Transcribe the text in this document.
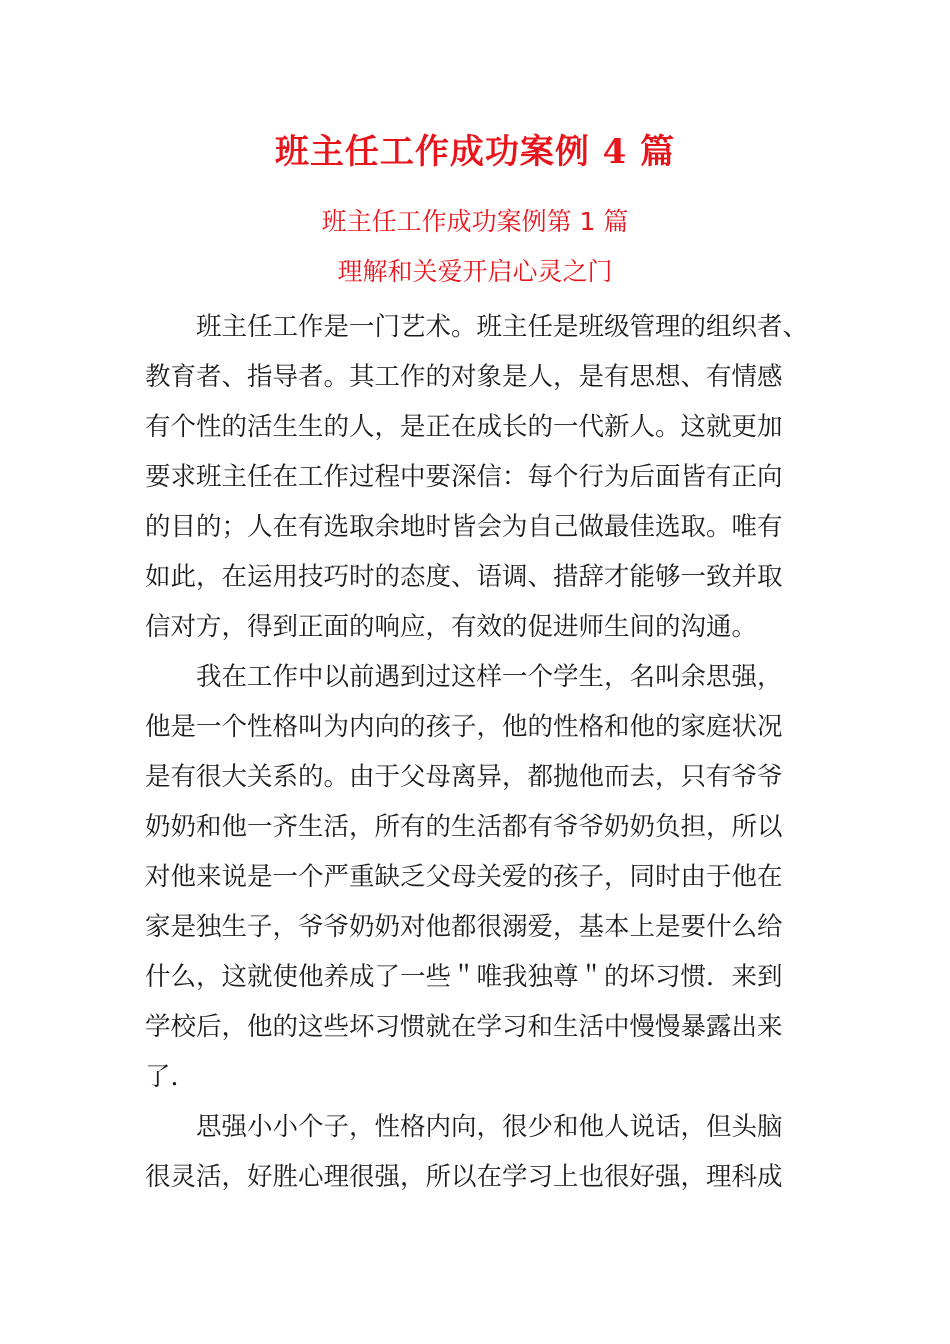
班主任工作成功案例 4 篇
班主任工作成功案例第 1 篇
理解和关爱开启心灵之门
班主任工作是一门艺术。班主任是班级管理的组织者、
教育者、指导者。其工作的对象是人，是有思想、有情感
有个性的活生生的人，是正在成长的一代新人。这就更加
要求班主任在工作过程中要深信：每个行为后面皆有正向
的目的；人在有选取余地时皆会为自己做最佳选取。唯有
如此，在运用技巧时的态度、语调、措辞才能够一致并取
信对方，得到正面的响应，有效的促进师生间的沟通。
我在工作中以前遇到过这样一个学生，名叫余思强，
他是一个性格叫为内向的孩子，他的性格和他的家庭状况
是有很大关系的。由于父母离异，都抛他而去，只有爷爷
奶奶和他一齐生活，所有的生活都有爷爷奶奶负担，所以
对他来说是一个严重缺乏父母关爱的孩子，同时由于他在
家是独生子，爷爷奶奶对他都很溺爱，基本上是要什么给
什么，这就使他养成了一些＂唯我独尊＂的坏习惯．来到
学校后，他的这些坏习惯就在学习和生活中慢慢暴露出来
了．
思强小小个子，性格内向，很少和他人说话，但头脑
很灵活，好胜心理很强，所以在学习上也很好强，理科成
